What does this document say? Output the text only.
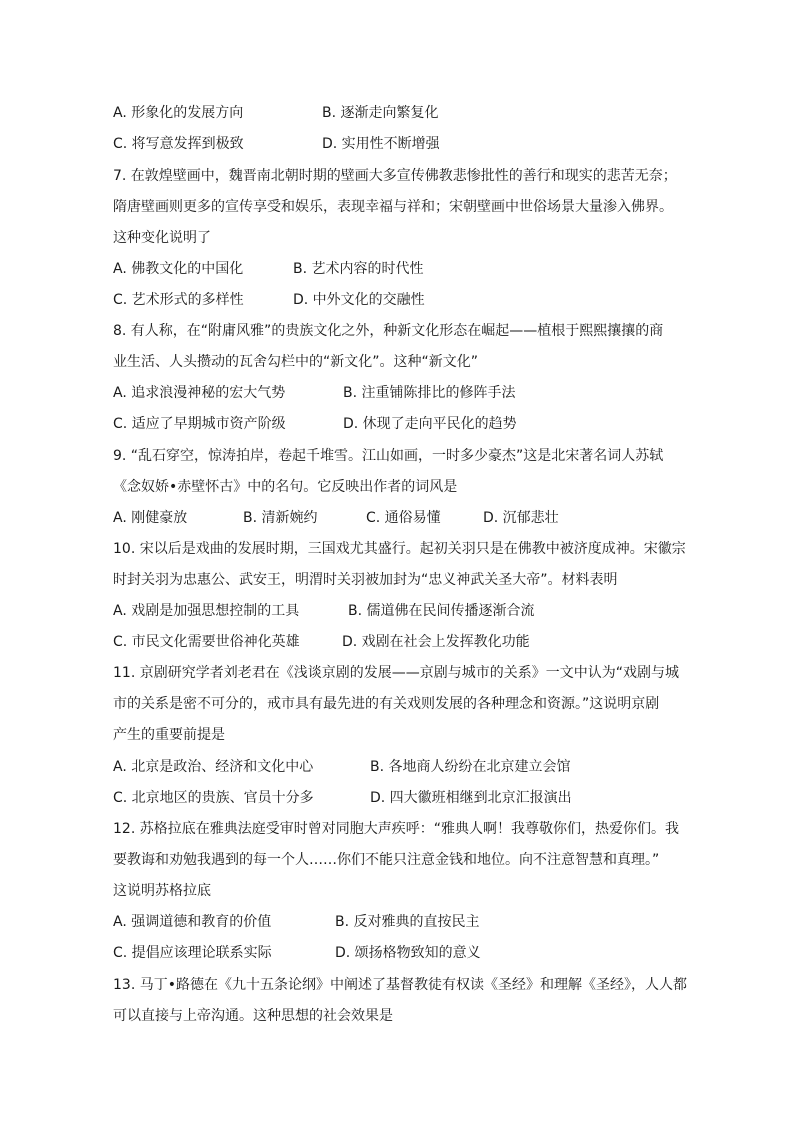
A. 形象化的发展方向	B. 逐渐走向繁复化
C. 将写意发挥到极致	D. 实用性不断增强
7. 在敦煌壁画中，魏晋南北朝时期的壁画大多宣传佛教悲惨批性的善行和现实的悲苦无奈；
隋唐壁画则更多的宣传享受和娱乐，表现幸福与祥和；宋朝壁画中世俗场景大量渗入佛界。
这种变化说明了
A. 佛教文化的中国化	B. 艺术内容的时代性
C. 艺术形式的多样性	D. 中外文化的交融性
8. 有人称，在“附庸风雅”的贵族文化之外，种新文化形态在崛起——植根于熙熙攘攘的商
业生活、人头攒动的瓦舍勾栏中的“新文化”。这种“新文化”
A. 追求浪漫神秘的宏大气势	B. 注重铺陈排比的修阵手法
C. 适应了早期城市资产阶级	D. 休现了走向平民化的趋势
9. “乱石穿空，惊涛拍岸，卷起千堆雪。江山如画，一时多少豪杰”这是北宋著名词人苏轼
《念奴娇•赤壁怀古》中的名句。它反映出作者的词风是
A. 刚健豪放	B. 清新婉约	C. 通俗易懂	D. 沉郁悲壮
10. 宋以后是戏曲的发展时期，三国戏尤其盛行。起初关羽只是在佛教中被济度成神。宋徽宗
时封关羽为忠惠公、武安王，明渭时关羽被加封为“忠义神武关圣大帝”。材料表明
A. 戏剧是加强思想控制的工具	B. 儒道佛在民间传播逐渐合流
C. 市民文化需要世俗神化英雄	D. 戏剧在社会上发挥教化功能
11. 京剧研究学者刘老君在《浅谈京剧的发展——京剧与城市的关系》一文中认为“戏剧与城
市的关系是密不可分的，戒市具有最先进的有关戏则发展的各种理念和资源。”这说明京剧
产生的重要前提是
A. 北京是政治、经济和文化中心	B. 各地商人纷纷在北京建立会馆
C. 北京地区的贵族、官员十分多	D. 四大徽班相继到北京汇报演出
12. 苏格拉底在雅典法庭受审时曾对同胞大声疾呼：“雅典人啊！我尊敬你们，热爱你们。我
要教诲和劝勉我遇到的每一个人……你们不能只注意金钱和地位。向不注意智慧和真理。”
这说明苏格拉底
A. 强调道德和教育的价值	B. 反对雅典的直按民主
C. 提倡应该理论联系实际	D. 颂扬格物致知的意义
13. 马丁•路德在《九十五条论纲》中阐述了基督教徒有权读《圣经》和理解《圣经》，人人都
可以直接与上帝沟通。这种思想的社会效果是
